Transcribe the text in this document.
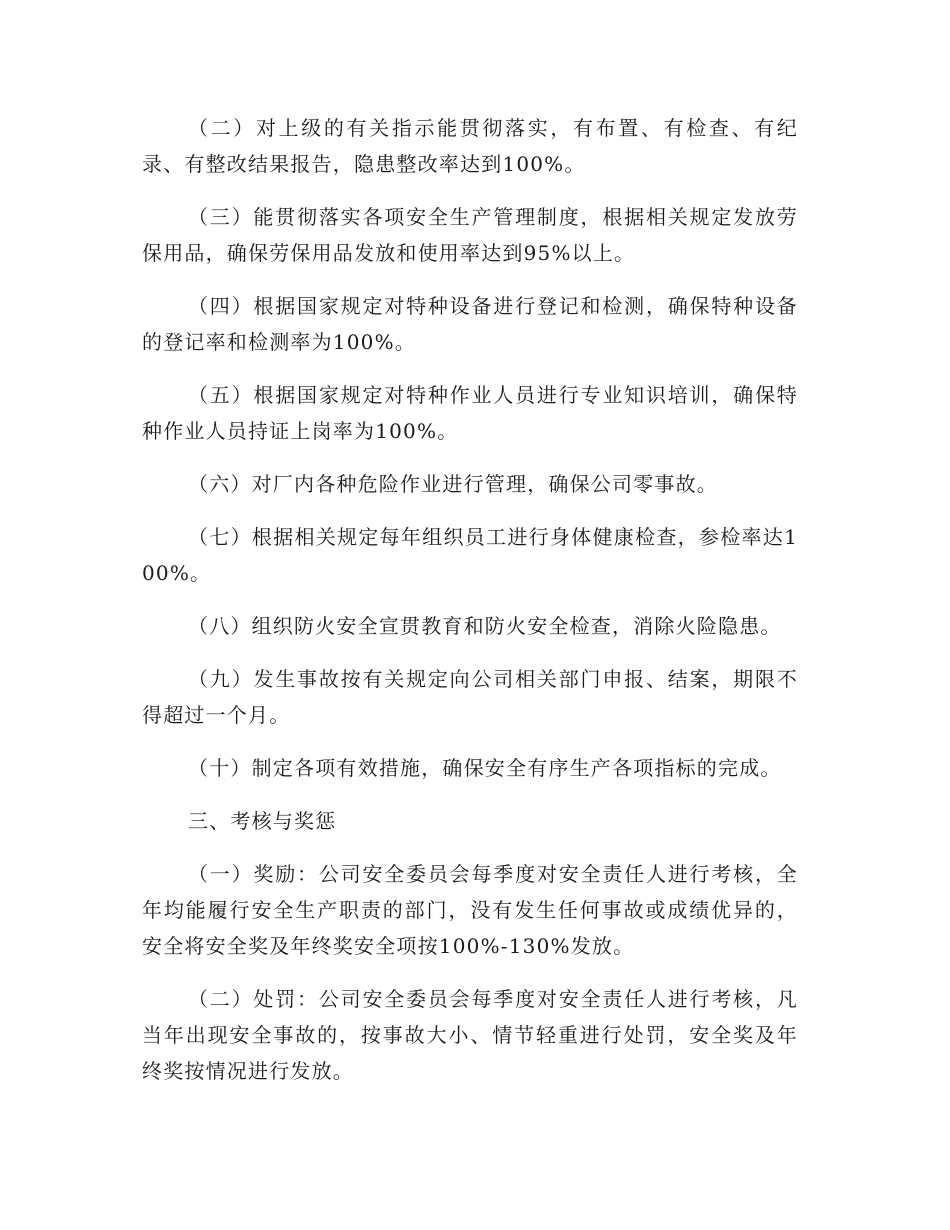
（二）对上级的有关指示能贯彻落实，有布置、有检查、有纪录、有整改结果报告，隐患整改率达到100%。

（三）能贯彻落实各项安全生产管理制度，根据相关规定发放劳保用品，确保劳保用品发放和使用率达到95%以上。

（四）根据国家规定对特种设备进行登记和检测，确保特种设备的登记率和检测率为100%。

（五）根据国家规定对特种作业人员进行专业知识培训，确保特种作业人员持证上岗率为100%。

（六）对厂内各种危险作业进行管理，确保公司零事故。

（七）根据相关规定每年组织员工进行身体健康检查，参检率达100%。

（八）组织防火安全宣贯教育和防火安全检查，消除火险隐患。

（九）发生事故按有关规定向公司相关部门申报、结案，期限不得超过一个月。

（十）制定各项有效措施，确保安全有序生产各项指标的完成。

三、考核与奖惩

（一）奖励：公司安全委员会每季度对安全责任人进行考核，全年均能履行安全生产职责的部门，没有发生任何事故或成绩优异的，安全将安全奖及年终奖安全项按100%-130%发放。

（二）处罚：公司安全委员会每季度对安全责任人进行考核，凡当年出现安全事故的，按事故大小、情节轻重进行处罚，安全奖及年终奖按情况进行发放。
